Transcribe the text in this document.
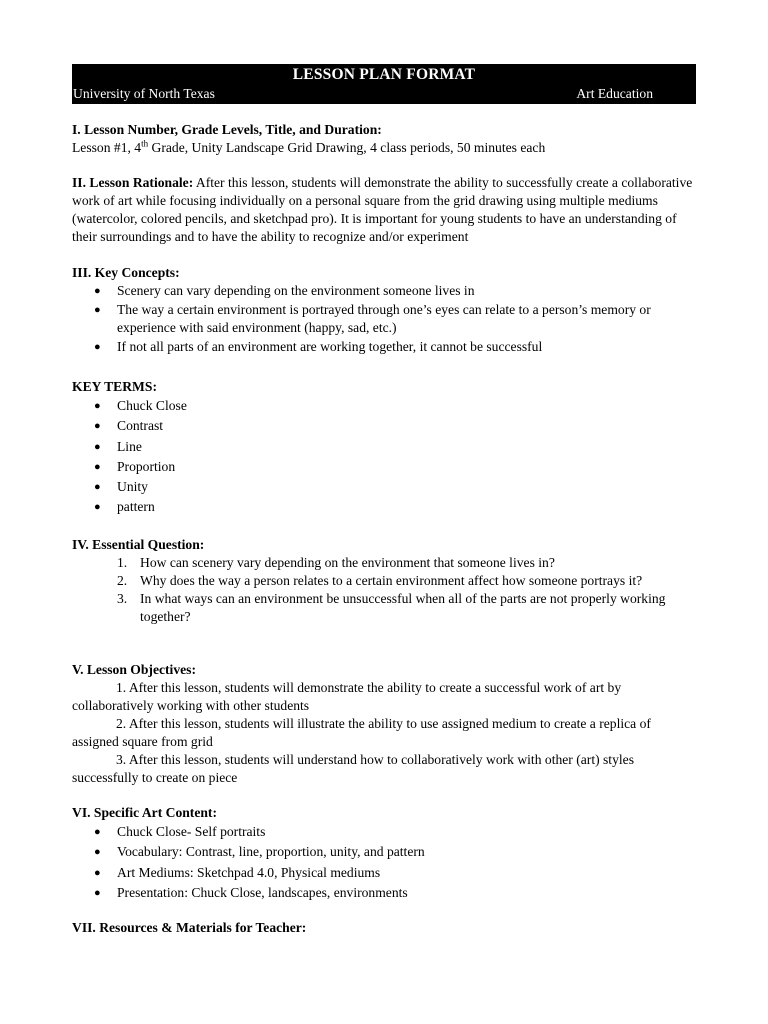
LESSON PLAN FORMAT
University of North Texas	Art Education

I. Lesson Number, Grade Levels, Title, and Duration:

Lesson #1, 4th Grade, Unity Landscape Grid Drawing, 4 class periods, 50 minutes each

II. Lesson Rationale: After this lesson, students will demonstrate the ability to successfully create a collaborative work of art while focusing individually on a personal square from the grid drawing using multiple mediums (watercolor, colored pencils, and sketchpad pro). It is important for young students to have an understanding of their surroundings and to have the ability to recognize and/or experiment

III. Key Concepts:

● Scenery can vary depending on the environment someone lives in
● The way a certain environment is portrayed through one’s eyes can relate to a person’s memory or experience with said environment (happy, sad, etc.)
● If not all parts of an environment are working together, it cannot be successful

KEY TERMS:

● Chuck Close
● Contrast
● Line
● Proportion
● Unity
● pattern

IV. Essential Question:

1. How can scenery vary depending on the environment that someone lives in?
2. Why does the way a person relates to a certain environment affect how someone portrays it?
3. In what ways can an environment be unsuccessful when all of the parts are not properly working together?

V. Lesson Objectives:

1. After this lesson, students will demonstrate the ability to create a successful work of art by collaboratively working with other students

2. After this lesson, students will illustrate the ability to use assigned medium to create a replica of assigned square from grid

3. After this lesson, students will understand how to collaboratively work with other (art) styles successfully to create on piece

VI. Specific Art Content:

● Chuck Close- Self portraits
● Vocabulary: Contrast, line, proportion, unity, and pattern
● Art Mediums: Sketchpad 4.0, Physical mediums
● Presentation: Chuck Close, landscapes, environments

VII. Resources & Materials for Teacher:
